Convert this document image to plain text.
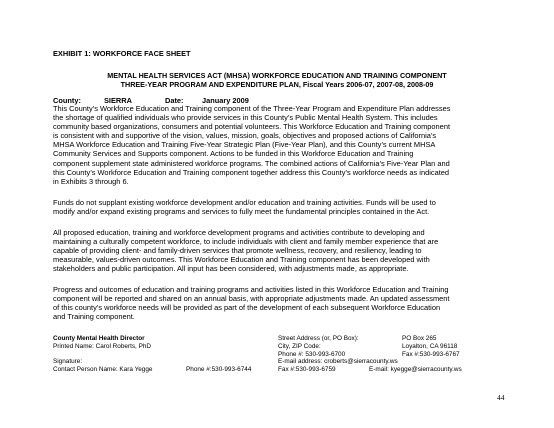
EXHIBIT 1: WORKFORCE FACE SHEET
MENTAL HEALTH SERVICES ACT (MHSA) WORKFORCE EDUCATION AND TRAINING COMPONENT
THREE-YEAR PROGRAM AND EXPENDITURE PLAN, Fiscal Years 2006-07, 2007-08, 2008-09
County:	SIERRA	Date:	January 2009
This County’s Workforce Education and Training component of the Three-Year Program and Expenditure Plan addresses
the shortage of qualified individuals who provide services in this County’s Public Mental Health System. This includes
community based organizations, consumers and potential volunteers. This Workforce Education and Training component
is consistent with and supportive of the vision, values, mission, goals, objectives and proposed actions of California’s
MHSA Workforce Education and Training Five-Year Strategic Plan (Five-Year Plan), and this County’s current MHSA
Community Services and Supports component. Actions to be funded in this Workforce Education and Training
component supplement state administered workforce programs. The combined actions of California’s Five-Year Plan and
this County’s Workforce Education and Training component together address this County’s workforce needs as indicated
in Exhibits 3 through 6.
Funds do not supplant existing workforce development and/or education and training activities. Funds will be used to
modify and/or expand existing programs and services to fully meet the fundamental principles contained in the Act.
All proposed education, training and workforce development programs and activities contribute to developing and
maintaining a culturally competent workforce, to include individuals with client and family member experience that are
capable of providing client- and family-driven services that promote wellness, recovery, and resiliency, leading to
measurable, values-driven outcomes. This Workforce Education and Training component has been developed with
stakeholders and public participation. All input has been considered, with adjustments made, as appropriate.
Progress and outcomes of education and training programs and activities listed in this Workforce Education and Training
component will be reported and shared on an annual basis, with appropriate adjustments made. An updated assessment
of this county’s workforce needs will be provided as part of the development of each subsequent Workforce Education
and Training component.
County Mental Health Director
Printed Name: Carol Roberts, PhD
Signature:
Contact Person Name: Kara Yegge	Phone #:530-993-6744
Street Address (or, PO Box):	PO Box 265
City, ZIP Code:	Loyalton, CA 96118
Phone #: 530-993-6700	Fax #:530-993-6767
E-mail address: croberts@sierracounty.ws
Fax #:530-993-6759	E-mail: kyegge@sierracounty.ws
44
